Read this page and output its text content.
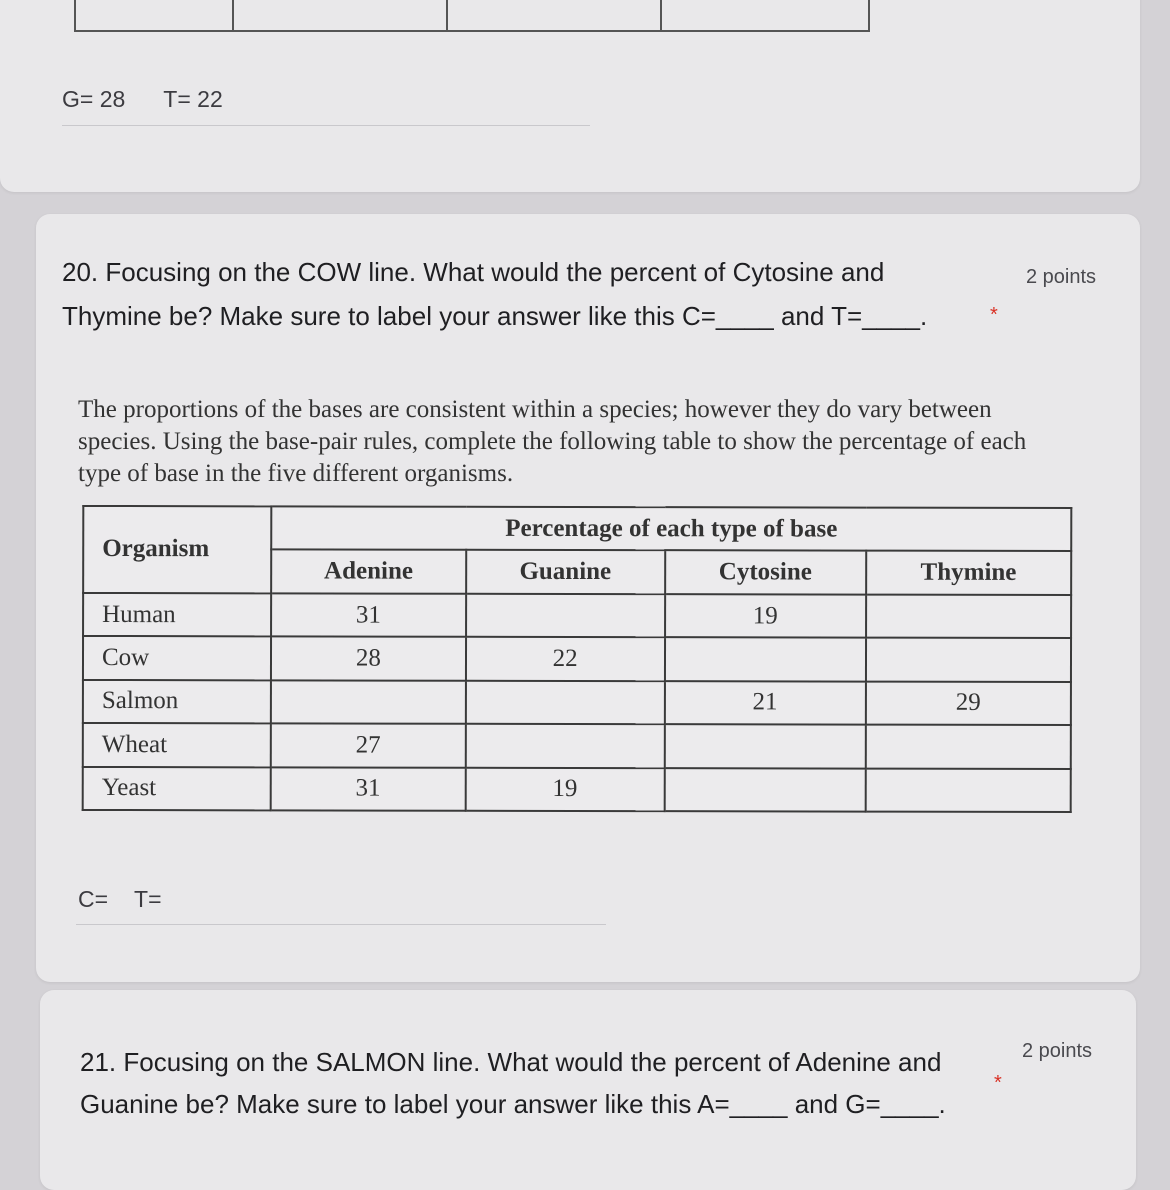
G= 28 T= 22
20. Focusing on the COW line. What would the percent of Cytosine and
Thymine be? Make sure to label your answer like this C=____ and T=____.	*
2 points

The proportions of the bases are consistent within a species; however they do vary between species. Using the base-pair rules, complete the following table to show the percentage of each type of base in the five different organisms.

Organism	Percentage of each type of base			
	Adenine	Guanine	Cytosine	Thymine
Human	31		19	
Cow	28	22		
Salmon			21	29
Wheat	27			
Yeast	31	19		
C= T=
21. Focusing on the SALMON line. What would the percent of Adenine and
Guanine be? Make sure to label your answer like this A=____ and G=____.
*
2 points
